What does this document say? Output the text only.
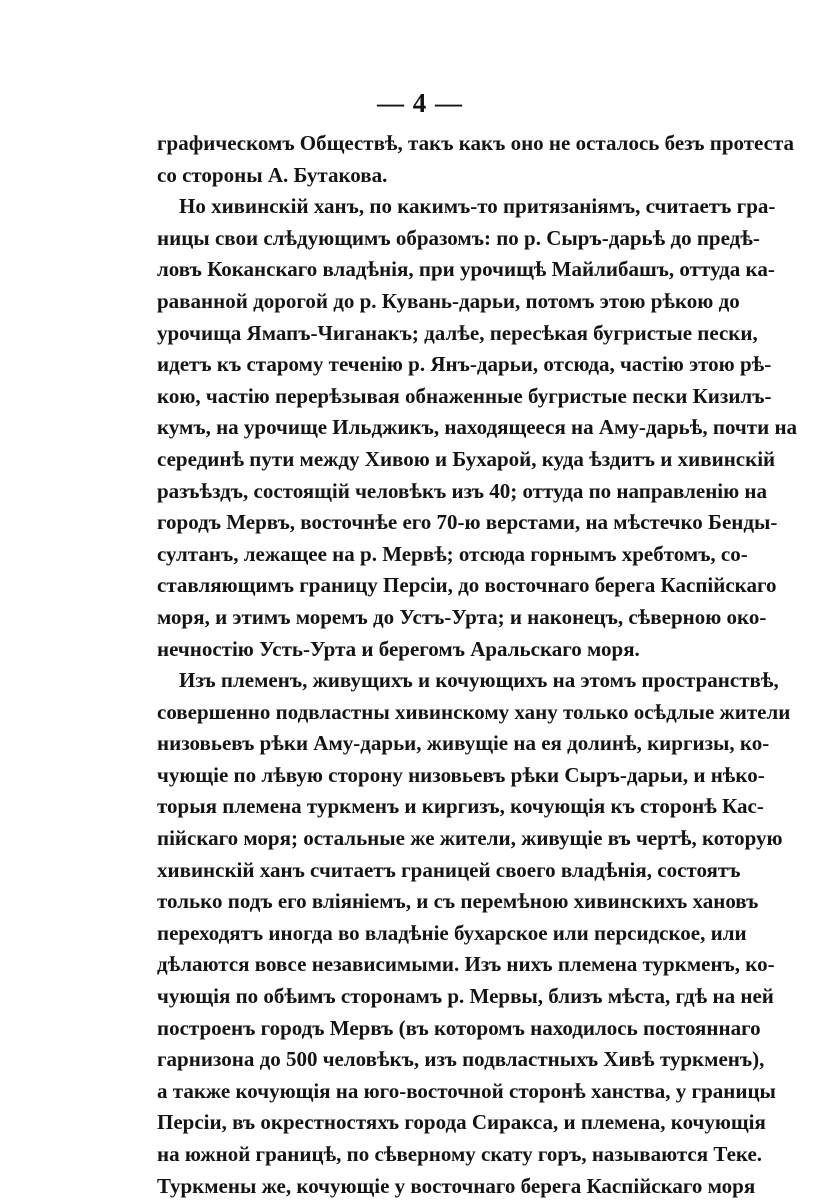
— 4 —
графическомъ Обществѣ, такъ какъ оно не осталось безъ протеста
со стороны А. Бутакова.
Но хивинскій ханъ, по какимъ-то притязаніямъ, считаетъ гра-
ницы свои слѣдующимъ образомъ: по р. Сыръ-дарьѣ до предѣ-
ловъ Коканскаго владѣнія, при урочищѣ Майлибашъ, оттуда ка-
раванной дорогой до р. Кувань-дарьи, потомъ этою рѣкою до
урочища Ямапъ-Чиганакъ; далѣе, пересѣкая бугристые пески,
идетъ къ старому теченію р. Янъ-дарьи, отсюда, частію этою рѣ-
кою, частію перерѣзывая обнаженные бугристые пески Кизилъ-
кумъ, на урочище Ильджикъ, находящееся на Аму-дарьѣ, почти на
серединѣ пути между Хивою и Бухарой, куда ѣздитъ и хивинскій
разъѣздъ, состоящій человѣкъ изъ 40; оттуда по направленію на
городъ Мервъ, восточнѣе его 70-ю верстами, на мѣстечко Бенды-
султанъ, лежащее на р. Мервѣ; отсюда горнымъ хребтомъ, со-
ставляющимъ границу Персіи, до восточнаго берега Каспійскаго
моря, и этимъ моремъ до Устъ-Урта; и наконецъ, сѣверною око-
нечностію Усть-Урта и берегомъ Аральскаго моря.
Изъ племенъ, живущихъ и кочующихъ на этомъ пространствѣ,
совершенно подвластны хивинскому хану только осѣдлые жители
низовьевъ рѣки Аму-дарьи, живущіе на ея долинѣ, киргизы, ко-
чующіе по лѣвую сторону низовьевъ рѣки Сыръ-дарьи, и нѣко-
торыя племена туркменъ и киргизъ, кочующія къ сторонѣ Кас-
пійскаго моря; остальные же жители, живущіе въ чертѣ, которую
хивинскій ханъ считаетъ границей своего владѣнія, состоятъ
только подъ его вліяніемъ, и съ перемѣною хивинскихъ хановъ
переходятъ иногда во владѣніе бухарское или персидское, или
дѣлаются вовсе независимыми. Изъ нихъ племена туркменъ, ко-
чующія по обѣимъ сторонамъ р. Мервы, близъ мѣста, гдѣ на ней
построенъ городъ Мервъ (въ которомъ находилось постояннаго
гарнизона до 500 человѣкъ, изъ подвластныхъ Хивѣ туркменъ),
а также кочующія на юго-восточной сторонѣ ханства, у границы
Персіи, въ окрестностяхъ города Сиракса, и племена, кочующія
на южной границѣ, по сѣверному скату горъ, называются Теке.
Туркмены же, кочующіе у восточнаго берега Каспійскаго моря
